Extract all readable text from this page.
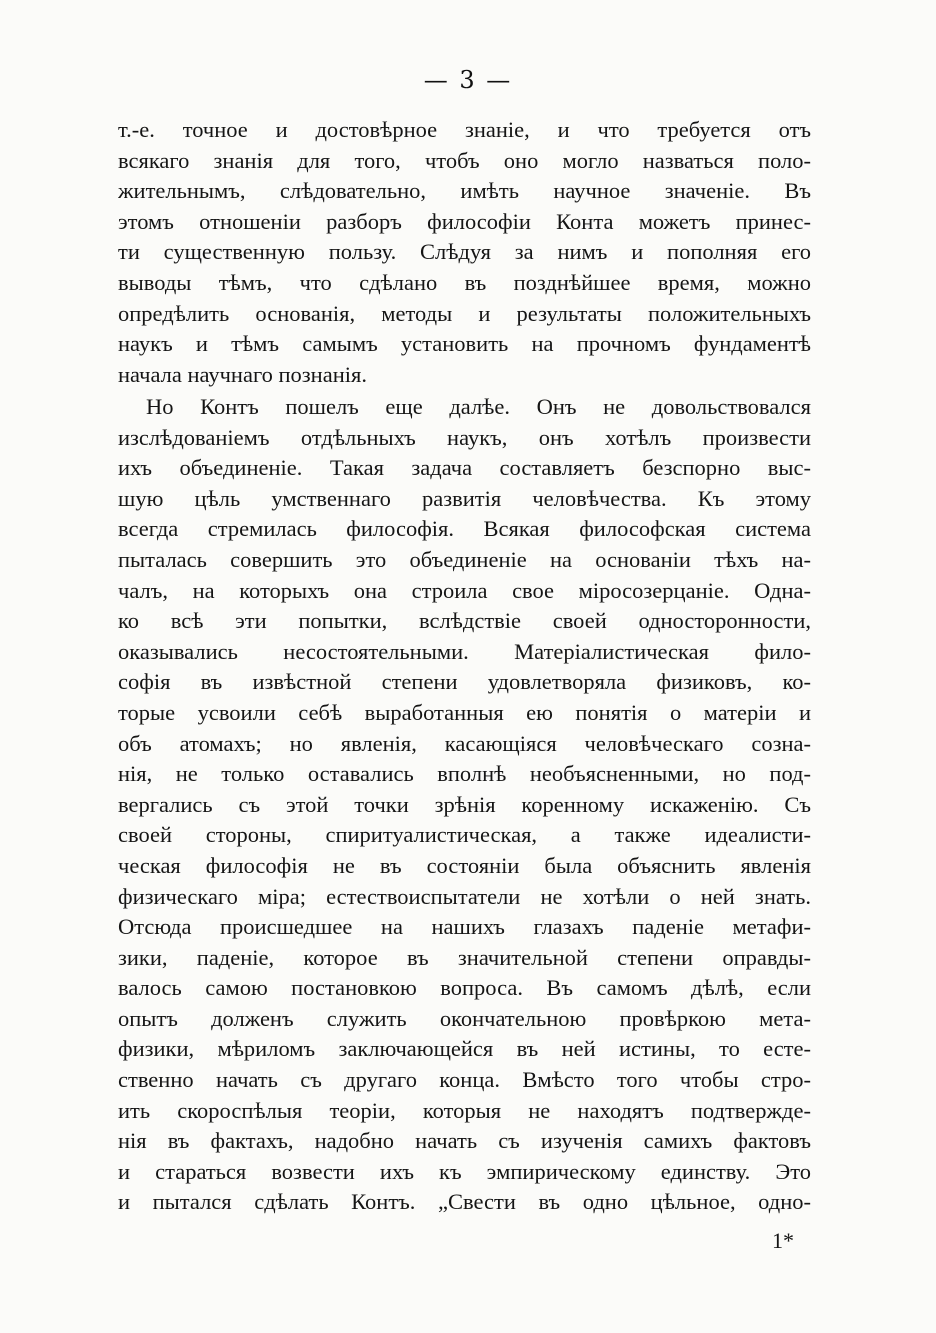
— 3 —
т.-е. точное и достовѣрное знанiе, и что требуется отъ
всякаго знанiя для того, чтобъ оно могло назваться поло-
жительнымъ, слѣдовательно, имѣть научное значенiе. Въ
этомъ отношенiи разборъ философiи Конта можетъ принес-
ти существенную пользу. Слѣдуя за нимъ и пополняя его
выводы тѣмъ, что сдѣлано въ позднѣйшее время, можно
опредѣлить основанiя, методы и результаты положительныхъ
наукъ и тѣмъ самымъ установить на прочномъ фундаментѣ
начала научнаго познанiя.
Но Контъ пошелъ еще далѣе. Онъ не довольствовался
изслѣдованiемъ отдѣльныхъ наукъ, онъ хотѣлъ произвести
ихъ объединенiе. Такая задача составляетъ безспорно выс-
шую цѣль умственнаго развитiя человѣчества. Къ этому
всегда стремилась философiя. Всякая философская система
пыталась совершить это объединенiе на основанiи тѣхъ на-
чалъ, на которыхъ она строила свое мiросозерцанiе. Одна-
ко всѣ эти попытки, вслѣдствiе своей односторонности,
оказывались несостоятельными. Матерiалистическая фило-
софiя въ извѣстной степени удовлетворяла физиковъ, ко-
торые усвоили себѣ выработанныя ею понятiя о матерiи и
объ атомахъ; но явленiя, касающiяся человѣческаго созна-
нiя, не только оставались вполнѣ необъясненными, но под-
вергались съ этой точки зрѣнiя коренному искаженiю. Съ
своей стороны, спиритуалистическая, а также идеалисти-
ческая философiя не въ состоянiи была объяснить явленiя
физическаго мiра; естествоиспытатели не хотѣли о ней знать.
Отсюда происшедшее на нашихъ глазахъ паденiе метафи-
зики, паденiе, которое въ значительной степени оправды-
валось самою постановкою вопроса. Въ самомъ дѣлѣ, если
опытъ долженъ служить окончательною провѣркою мета-
физики, мѣриломъ заключающейся въ ней истины, то есте-
ственно начать съ другаго конца. Вмѣсто того чтобы стро-
ить скороспѣлыя теорiи, которыя не находятъ подтвержде-
нiя въ фактахъ, надобно начать съ изученiя самихъ фактовъ
и стараться возвести ихъ къ эмпирическому единству. Это
и пытался сдѣлать Контъ. „Свести въ одно цѣльное, одно-
1*
